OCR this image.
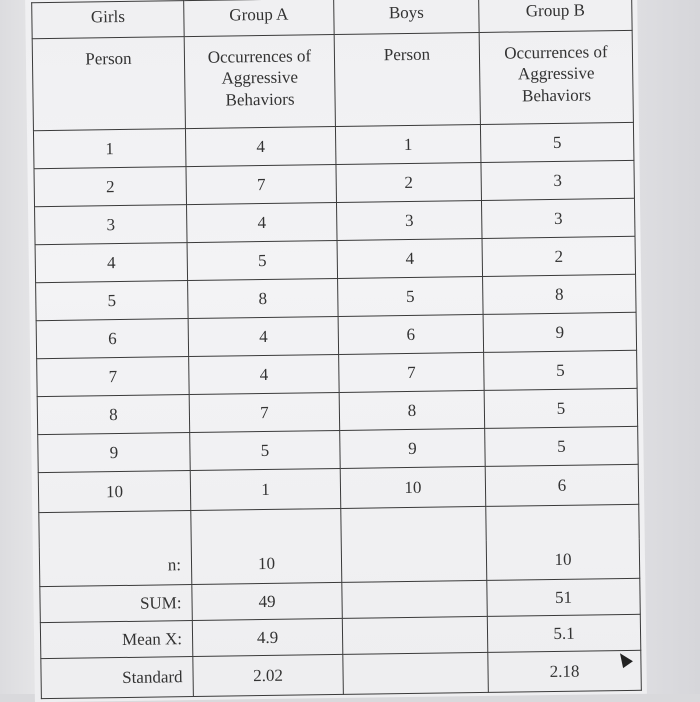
Girls	Group A	Boys	Group B
Person	Occurrences of Aggressive Behaviors	Person	Occurrences of Aggressive Behaviors
1	4	1	5
2	7	2	3
3	4	3	3
4	5	4	2
5	8	5	8
6	4	6	9
7	4	7	5
8	7	8	5
9	5	9	5
10	1	10	6

n:	10		10
SUM:	49		51
Mean X:	4.9		5.1
Standard	2.02		2.18
